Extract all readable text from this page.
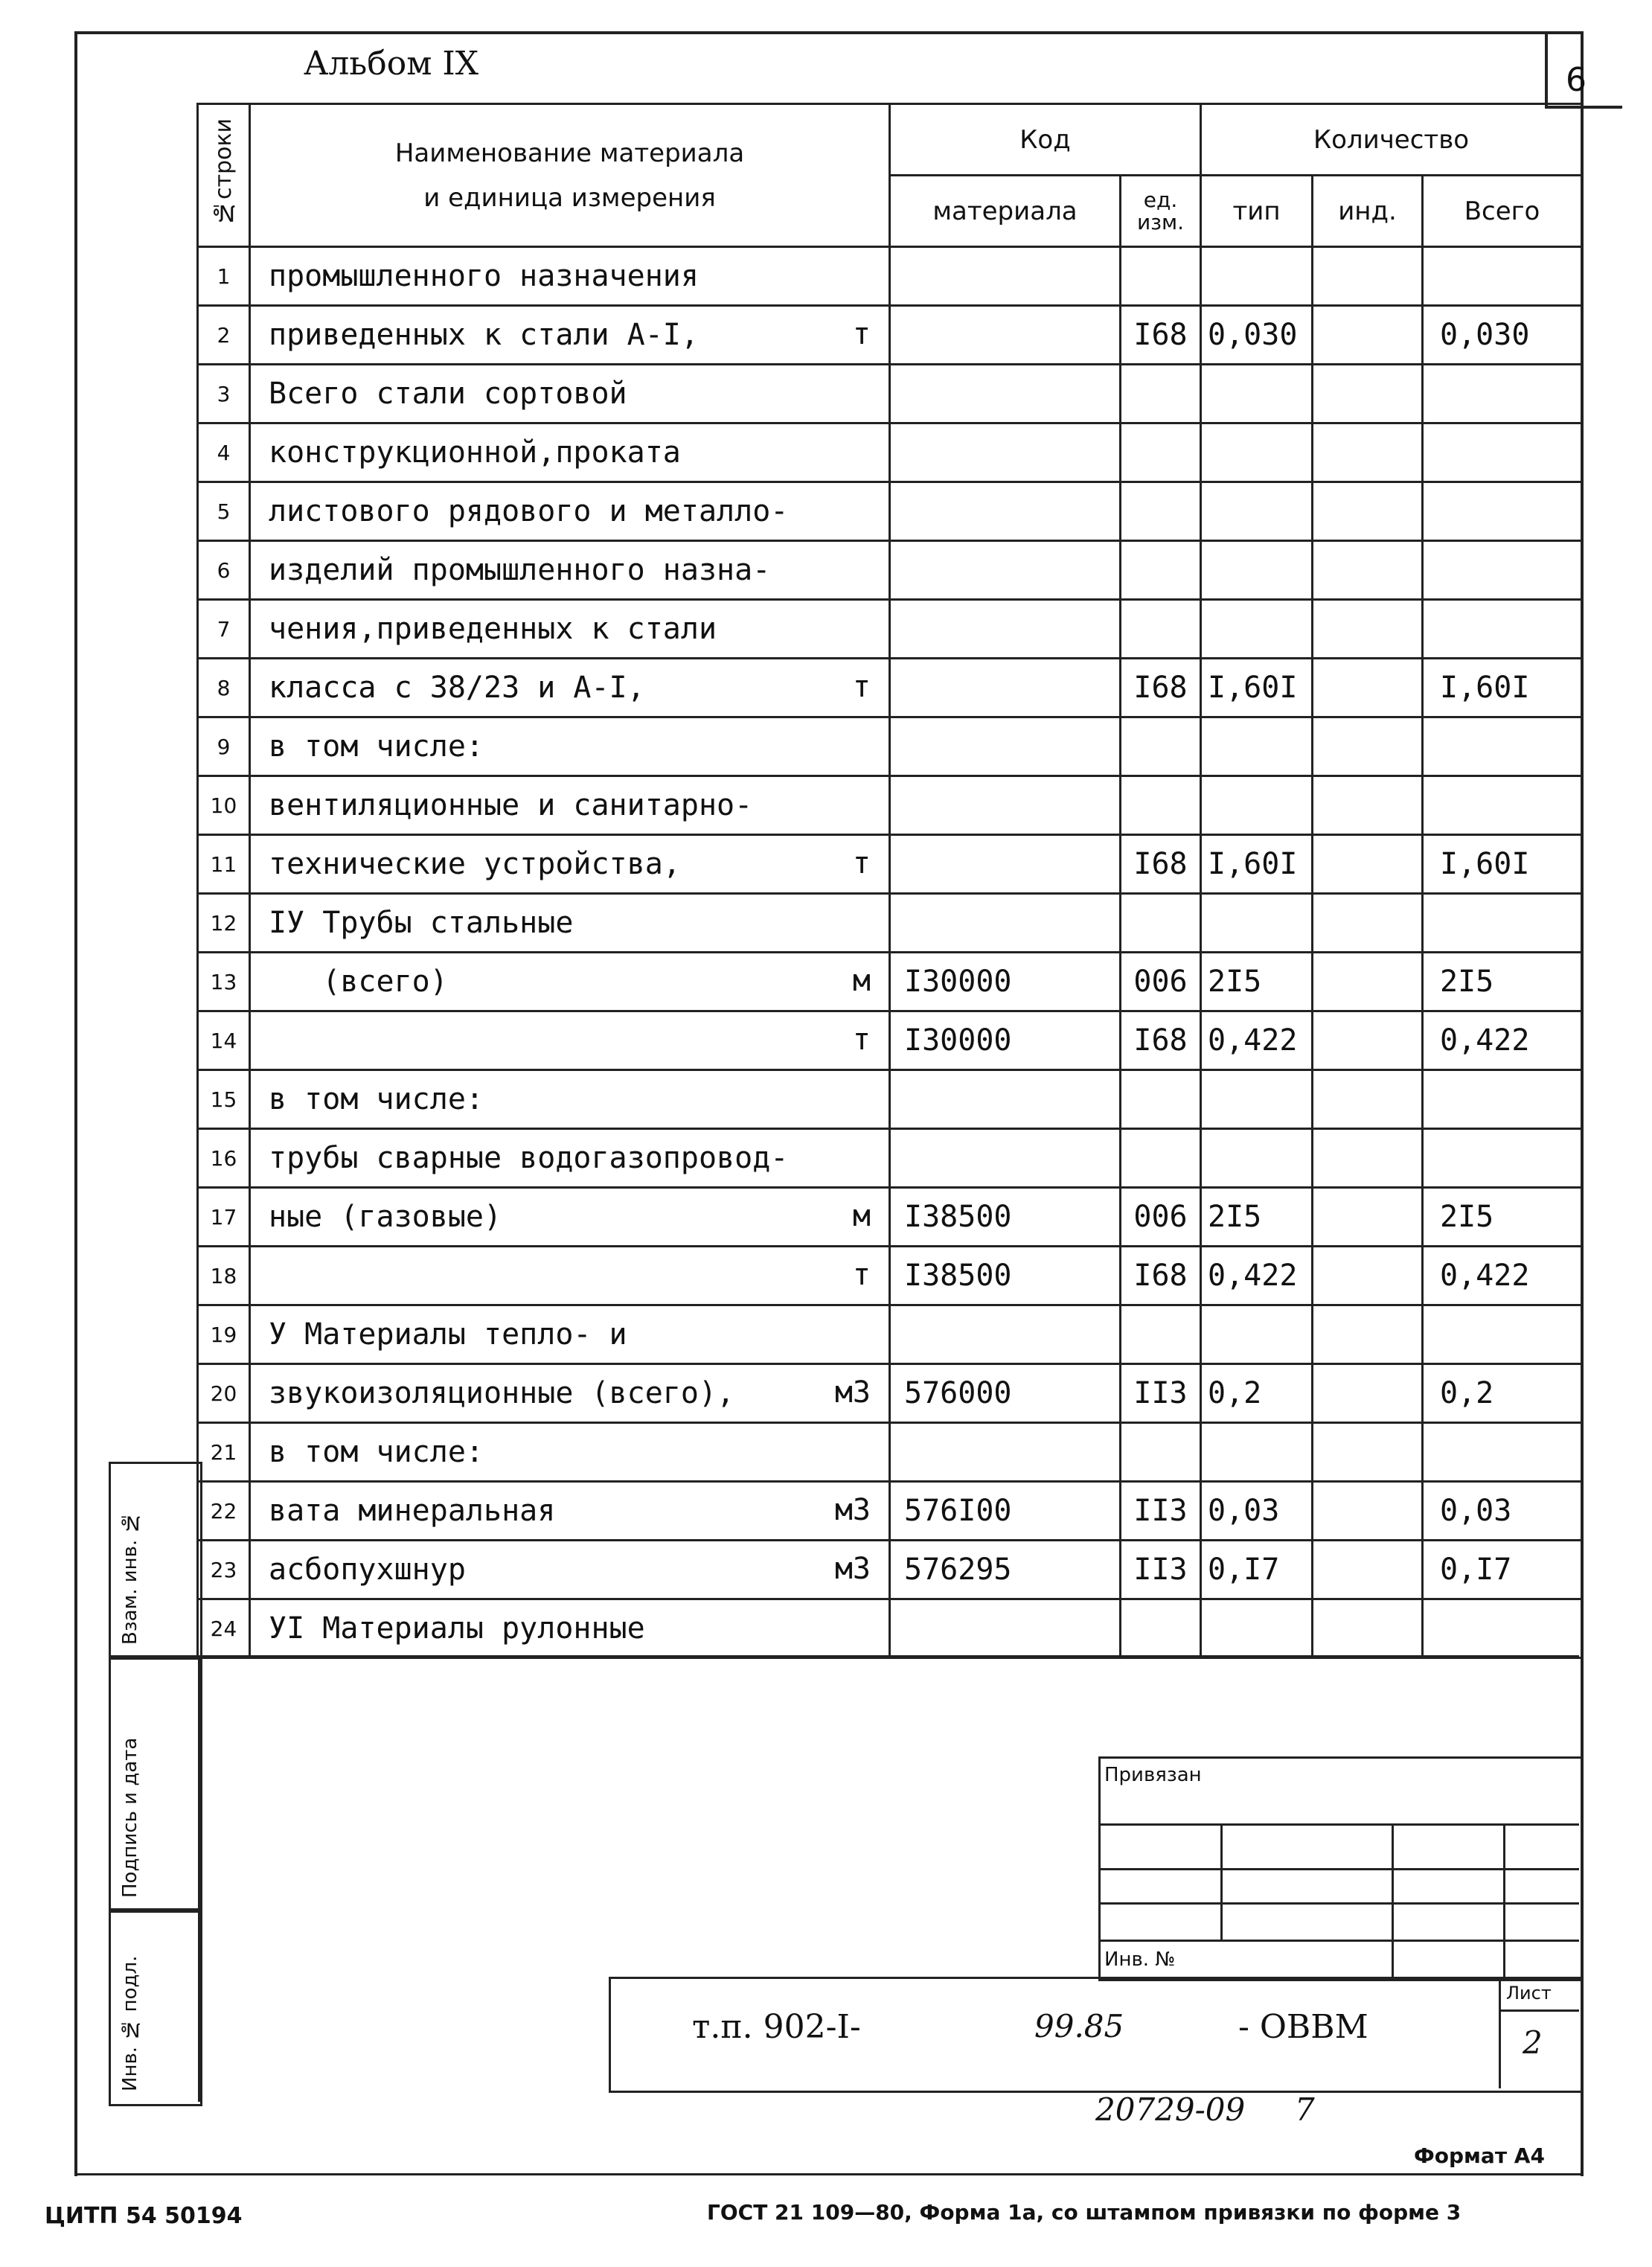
Альбом IX	6
№строки	Наименование материала
и единица измерения	Код		Количество		
		материала	ед. изм.	тип	инд.	Всего
1	промышленного назначения

2	приведенных к стали А-I, т		I68	0,030		0,030
3	Всего стали сортовой

4	конструкционной,проката

5	листового рядового и металло-

6	изделий промышленного назна-

7	чения,приведенных к стали

8	класса с 38/23 и А-I, т		I68	I,60I		I,60I
9	в том числе:

10	вентиляционные и санитарно-

11	технические устройства, т		I68	I,60I		I,60I
12	IУ Трубы стальные

13	(всего) м	I30000	006	2I5		2I5
14	т	I30000	I68	0,422		0,422
15	в том числе:

16	трубы сварные водогазопровод-

17	ные (газовые) м	I38500	006	2I5		2I5
18	т	I38500	I68	0,422		0,422
19	У Материалы тепло- и

20	звукоизоляционные (всего), м3	576000	II3	0,2		0,2
21	в том числе:

22	вата минеральная м3	576I00	II3	0,03		0,03
23	асбопухшнур м3	576295	II3	0,I7		0,I7
24	УI Материалы рулонные

Взам. инв. №
Подпись и дата
Инв. № подл.
Привязан
Инв. №
т.п. 902-I-	99.85	- ОВВМ
Лист
2
20729-09 7
Формат А4
ЦИТП 54 50194	ГОСТ 21 109—80, Форма 1а, со штампом привязки по форме 3
